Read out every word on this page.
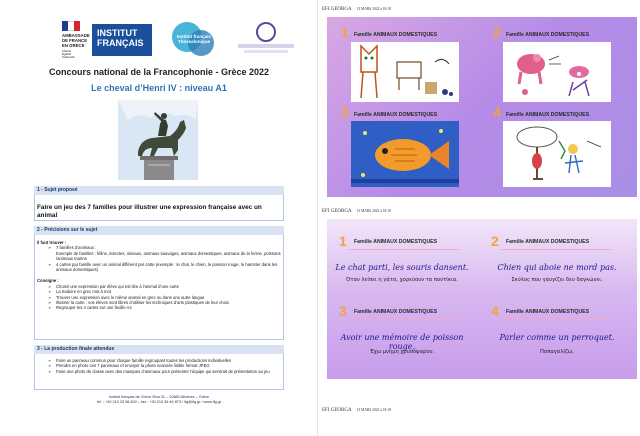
AMBASSADE
DE FRANCE
EN GRÈCE
Liberté
Égalité
Fraternité
INSTITUT
FRANÇAIS
Institut français
Thessalonique
Concours national de la Francophonie - Grèce 2022
Le cheval d’Henri IV : niveau A1
1 - Sujet proposé
Faire un jeu des 7 familles pour illustrer une expression française avec un animal
2 - Précisions sur le sujet
Il faut trouver :
➢ 7 familles d’animaux :
Exemple de familles : félins, insectes, oiseaux, animaux sauvages, animaux domestiques, animaux de la ferme, poissons /animaux marins
➢ 4 cartes par famille avec un animal différent par carte (exemple : le chat, le chien, le poisson rouge, le hamster dans les animaux domestiques)
Consigne :
➢ Choisir une expression par élève qui est liée à l’animal d’une carte
➢ La traduire en grec mot à mot
➢ Trouver une expression avec le même animal en grec ou dans une autre langue.
➢ Illustrer la carte : vos élèves sont libres d’utiliser les techniques d’arts plastiques de leur choix
➢ Regrouper les 4 cartes sur une feuille A4
3 - La production finale attendue
➢ Faire un panneau commun pour chaque famille regroupant toutes les productions individuelles
➢ Prendre en photo ces 7 panneaux et envoyer la photo scannée lisible format JPEG
➢ Faire une photo de classe avec des masques d’animaux pour présenter l’équipe qui servirait de présentation au jeu
Institut français de Grèce Sina 31 – 10680 Athènes – Grèce
tél. : +30 210 33 98 600 – fax : +30 210 36 46 873 / ifg@ifg.gr / www.ifg.gr
EFI GEORGA 13 MARS 2022 à 18:18
1 Famille ANIMAUX DOMESTIQUES	2 Famille ANIMAUX DOMESTIQUES
3 Famille ANIMAUX DOMESTIQUES	4 Famille ANIMAUX DOMESTIQUES
EFI GEORGA 13 MARS 2022 à 18:18
1 Famille ANIMAUX DOMESTIQUES
Le chat parti, les souris dansent.
Όταν λείπει η γάτα, χορεύουν τα ποντίκια.
2 Famille ANIMAUX DOMESTIQUES
Chien qui aboie ne mord pas.
Σκύλος που γαυγίζει δεν δαγκώνει.
3 Famille ANIMAUX DOMESTIQUES
Avoir une mémoire de poisson rouge.
Έχω μνήμη χρυσόψαρου.
4 Famille ANIMAUX DOMESTIQUES
Parler comme un perroquet.
Παπαγαλίζω.
EFI GEORGA 13 MARS 2022 à 18:18
